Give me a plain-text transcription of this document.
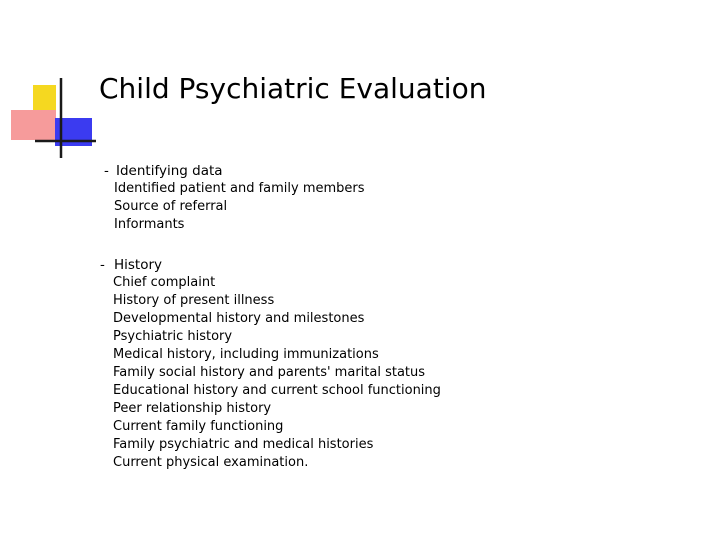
Child Psychiatric Evaluation
- Identifying data
Identified patient and family members
Source of referral
Informants
- History
Chief complaint
History of present illness
Developmental history and milestones
Psychiatric history
Medical history, including immunizations
Family social history and parents' marital status
Educational history and current school functioning
Peer relationship history
Current family functioning
Family psychiatric and medical histories
Current physical examination.
